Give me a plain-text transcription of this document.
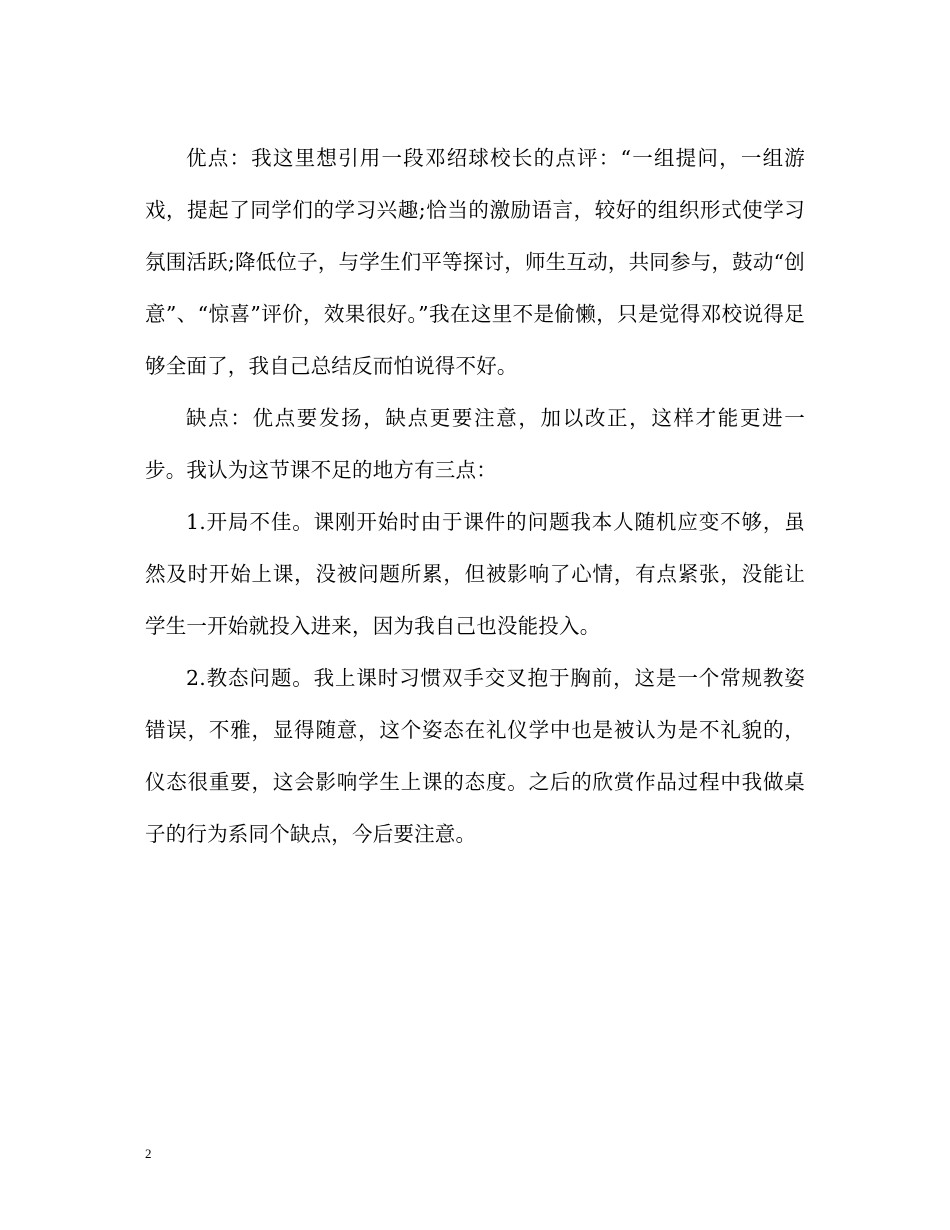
优点：我这里想引用一段邓绍球校长的点评：“一组提问，一组游戏，提起了同学们的学习兴趣;恰当的激励语言，较好的组织形式使学习氛围活跃;降低位子，与学生们平等探讨，师生互动，共同参与，鼓动“创意”、“惊喜”评价，效果很好。”我在这里不是偷懒，只是觉得邓校说得足够全面了，我自己总结反而怕说得不好。

缺点：优点要发扬，缺点更要注意，加以改正，这样才能更进一步。我认为这节课不足的地方有三点：

1.开局不佳。课刚开始时由于课件的问题我本人随机应变不够，虽然及时开始上课，没被问题所累，但被影响了心情，有点紧张，没能让学生一开始就投入进来，因为我自己也没能投入。

2.教态问题。我上课时习惯双手交叉抱于胸前，这是一个常规教姿错误，不雅，显得随意，这个姿态在礼仪学中也是被认为是不礼貌的，仪态很重要，这会影响学生上课的态度。之后的欣赏作品过程中我做桌子的行为系同个缺点，今后要注意。

2
